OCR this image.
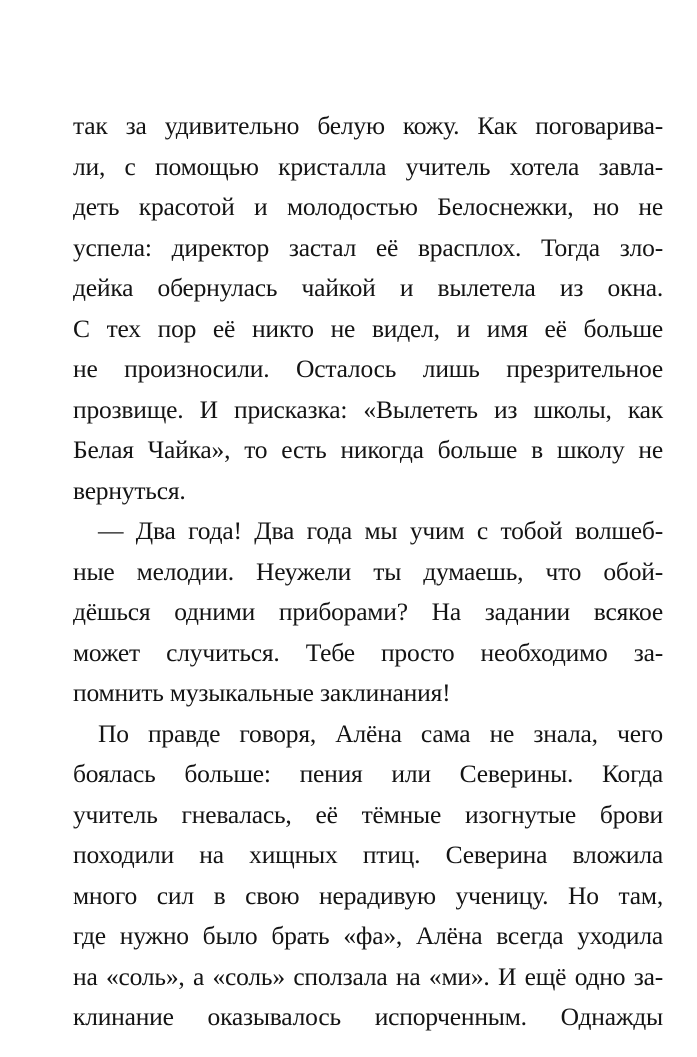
так за удивительно белую кожу. Как поговарива-
ли, с помощью кристалла учитель хотела завла-
деть красотой и молодостью Белоснежки, но не
успела: директор застал её врасплох. Тогда зло-
дейка обернулась чайкой и вылетела из окна.
С тех пор её никто не видел, и имя её больше
не произносили. Осталось лишь презрительное
прозвище. И присказка: «Вылететь из школы, как
Белая Чайка», то есть никогда больше в школу не
вернуться.

— Два года! Два года мы учим с тобой волшеб-
ные мелодии. Неужели ты думаешь, что обой-
дёшься одними приборами? На задании всякое
может случиться. Тебе просто необходимо за-
помнить музыкальные заклинания!

По правде говоря, Алёна сама не знала, чего
боялась больше: пения или Северины. Когда
учитель гневалась, её тёмные изогнутые брови
походили на хищных птиц. Северина вложила
много сил в свою нерадивую ученицу. Но там,
где нужно было брать «фа», Алёна всегда уходила
на «соль», а «соль» сползала на «ми». И ещё одно за-
клинание оказывалось испорченным. Однажды
